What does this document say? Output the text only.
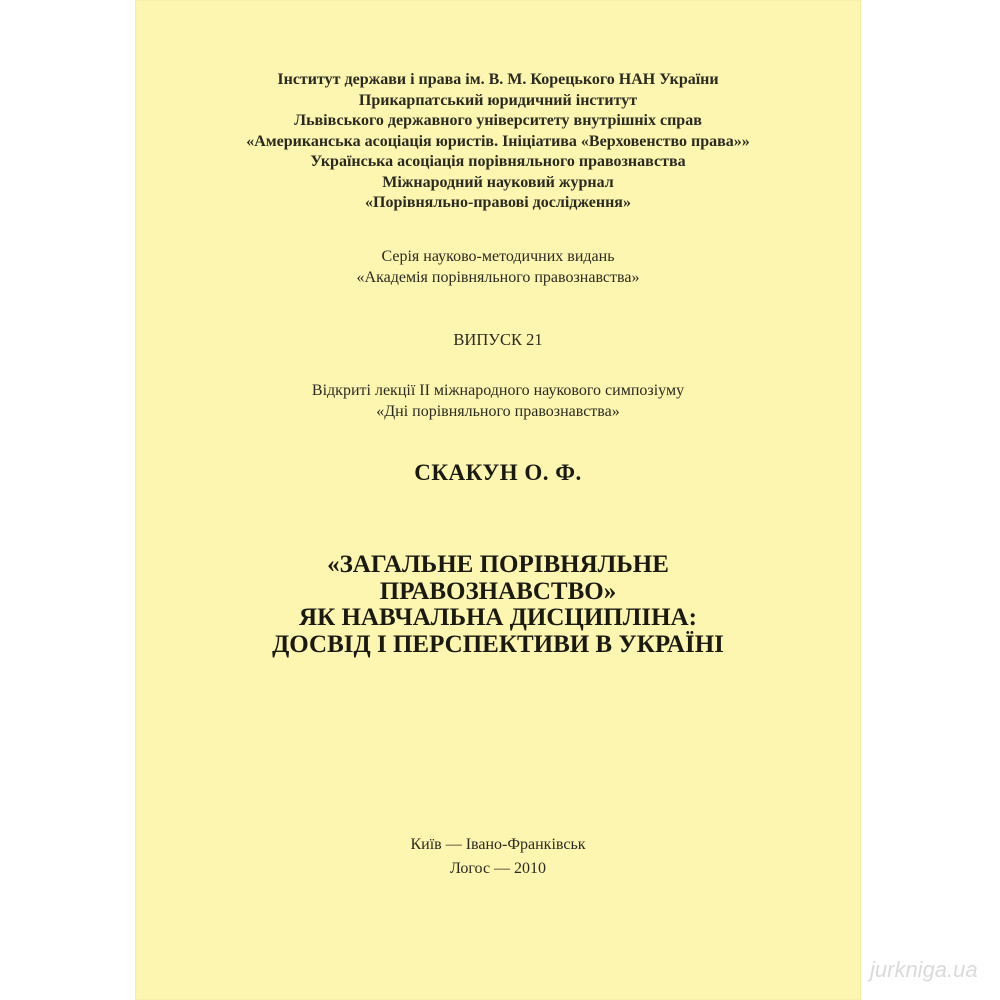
Інститут держави і права ім. В. М. Корецького НАН України
Прикарпатський юридичний інститут
Львівського державного університету внутрішніх справ
«Американська асоціація юристів. Ініціатива «Верховенство права»»
Українська асоціація порівняльного правознавства
Міжнародний науковий журнал
«Порівняльно-правові дослідження»
Серія науково-методичних видань
«Академія порівняльного правознавства»
ВИПУСК 21
Відкриті лекції ІІ міжнародного наукового симпозіуму
«Дні порівняльного правознавства»
СКАКУН О. Ф.
«ЗАГАЛЬНЕ ПОРІВНЯЛЬНЕ
ПРАВОЗНАВСТВО»
ЯК НАВЧАЛЬНА ДИСЦИПЛІНА:
ДОСВІД І ПЕРСПЕКТИВИ В УКРАЇНІ
Київ — Івано-Франківськ
Логос — 2010
jurkniga.ua
